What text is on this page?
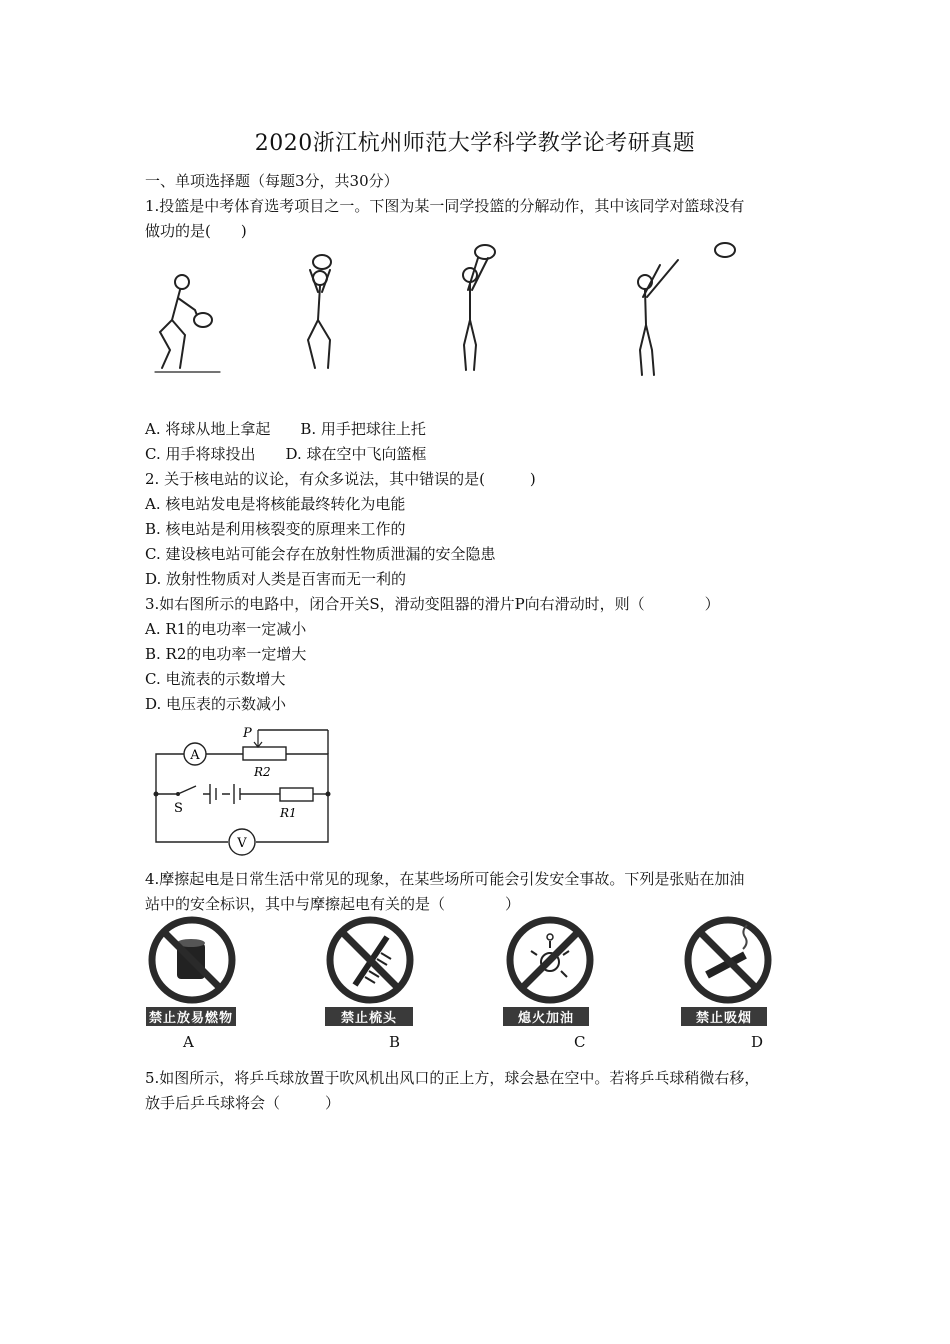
2020浙江杭州师范大学科学教学论考研真题
一、单项选择题（每题3分，共30分）
1.投篮是中考体育选考项目之一。下图为某一同学投篮的分解动作，其中该同学对篮球没有
做功的是(　　)
A. 将球从地上拿起　　B. 用手把球往上托
C. 用手将球投出　　D. 球在空中飞向篮框
2. 关于核电站的议论，有众多说法，其中错误的是(　　　)
A. 核电站发电是将核能最终转化为电能
B. 核电站是利用核裂变的原理来工作的
C. 建设核电站可能会存在放射性物质泄漏的安全隐患
D. 放射性物质对人类是百害而无一利的
3.如右图所示的电路中，闭合开关S，滑动变阻器的滑片P向右滑动时，则（　　　　）
A. R1的电功率一定减小
B. R2的电功率一定增大
C. 电流表的示数增大
D. 电压表的示数减小
A
P
R2
R1
S
V
4.摩擦起电是日常生活中常见的现象，在某些场所可能会引发安全事故。下列是张贴在加油
站中的安全标识，其中与摩擦起电有关的是（　　　　）
禁止放易燃物	禁止梳头	熄火加油	禁止吸烟
A	B	C	D
5.如图所示，将乒乓球放置于吹风机出风口的正上方，球会悬在空中。若将乒乓球稍微右移，
放手后乒乓球将会（　　　）
